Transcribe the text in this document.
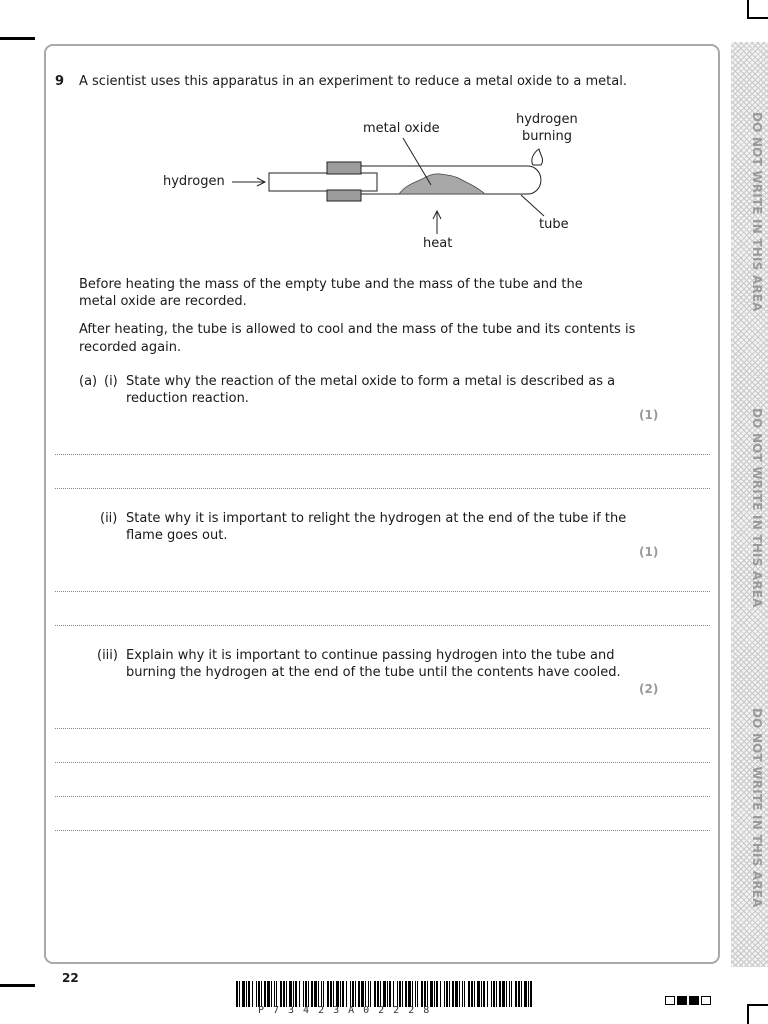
DO NOT WRITE IN THIS AREA
DO NOT WRITE IN THIS AREA
DO NOT WRITE IN THIS AREA
9 A scientist uses this apparatus in an experiment to reduce a metal oxide to a metal.
hydrogen
metal oxide
hydrogen
burning
tube
heat
Before heating the mass of the empty tube and the mass of the tube and the
metal oxide are recorded.
After heating, the tube is allowed to cool and the mass of the tube and its contents is
recorded again.
(a) (i) State why the reaction of the metal oxide to form a metal is described as a
reduction reaction.
(1)
(ii) State why it is important to relight the hydrogen at the end of the tube if the
flame goes out.
(1)
(iii) Explain why it is important to continue passing hydrogen into the tube and
burning the hydrogen at the end of the tube until the contents have cooled.
(2)
22
P73423A02228
